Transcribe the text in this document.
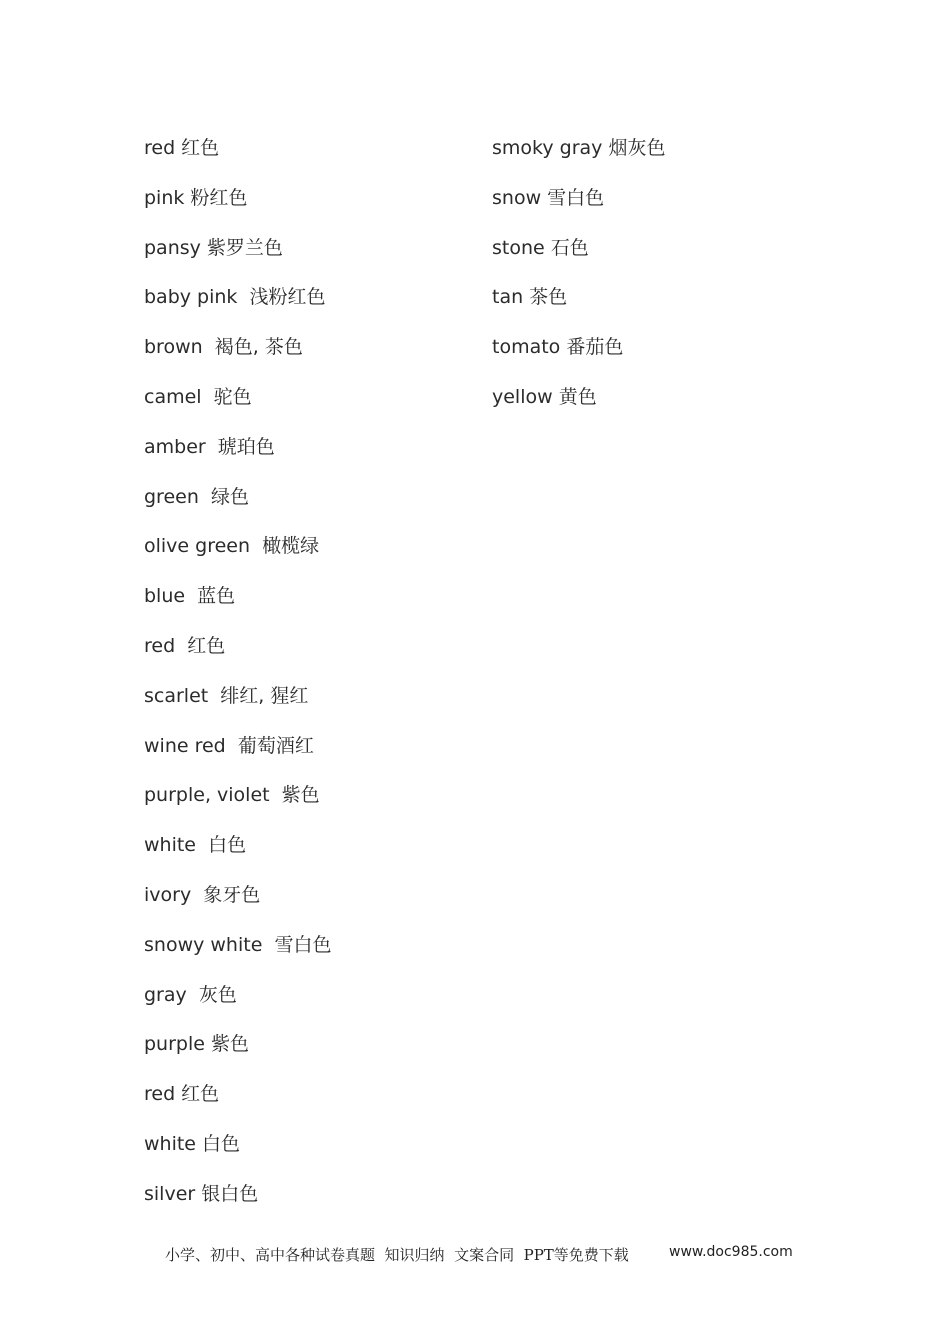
red 红色
pink 粉红色
pansy 紫罗兰色
baby pink  浅粉红色
brown  褐色, 茶色
camel  驼色
amber  琥珀色
green  绿色
olive green  橄榄绿
blue  蓝色
red  红色
scarlet  绯红, 猩红
wine red  葡萄酒红
purple, violet  紫色
white  白色
ivory  象牙色
snowy white  雪白色
gray  灰色
purple 紫色
red 红色
white 白色
silver 银白色
smoky gray 烟灰色
snow 雪白色
stone 石色
tan 茶色
tomato 番茄色
yellow 黄色
小学、初中、高中各种试卷真题  知识归纳  文案合同  PPT等免费下载	www.doc985.com
